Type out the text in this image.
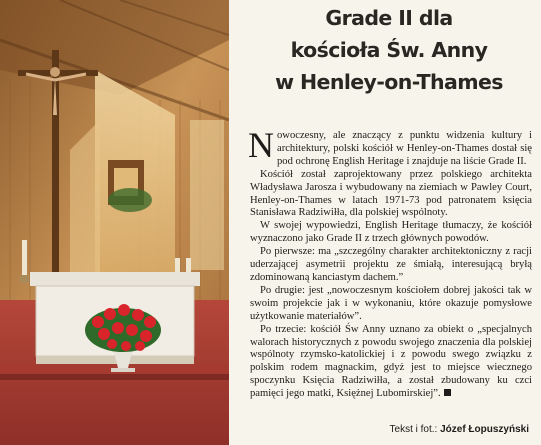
Grade II dla
kościoła Św. Anny
w Henley-on-Thames

Nowoczesny, ale znaczący z punktu widzenia kultury i architektury, polski kościół w Henley-on-Thames dostał się pod ochronę English Heritage i znajduje na liście Grade II.

Kościół został zaprojektowany przez polskiego architekta Władysława Jarosza i wybudowany na ziemiach w Pawley Court, Henley-on-Thames w latach 1971-73 pod patronatem księcia Stanisława Radziwiłła, dla polskiej wspólnoty.

W swojej wypowiedzi, English Heritage tłumaczy, że kościół wyznaczono jako Grade II z trzech głównych powodów.

Po pierwsze: ma „szczególny charakter architektoniczny z racji uderzającej asymetrii projektu ze śmiałą, interesującą bryłą zdominowaną kanciastym dachem.”

Po drugie: jest „nowoczesnym kościołem dobrej jakości tak w swoim projekcie jak i w wykonaniu, które okazuje pomysłowe użytkowanie materiałów”.

Po trzecie: kościół Św Anny uznano za obiekt o „specjalnych walorach historycznych z powodu swojego znaczenia dla polskiej wspólnoty rzymsko-katolickiej i z powodu swego związku z polskim rodem magnackim, gdyż jest to miejsce wiecznego spoczynku Księcia Radziwiłła, a został zbudowany ku czci pamięci jego matki, Księżnej Lubomirskiej”.

Tekst i fot.: Józef Łopuszyński
